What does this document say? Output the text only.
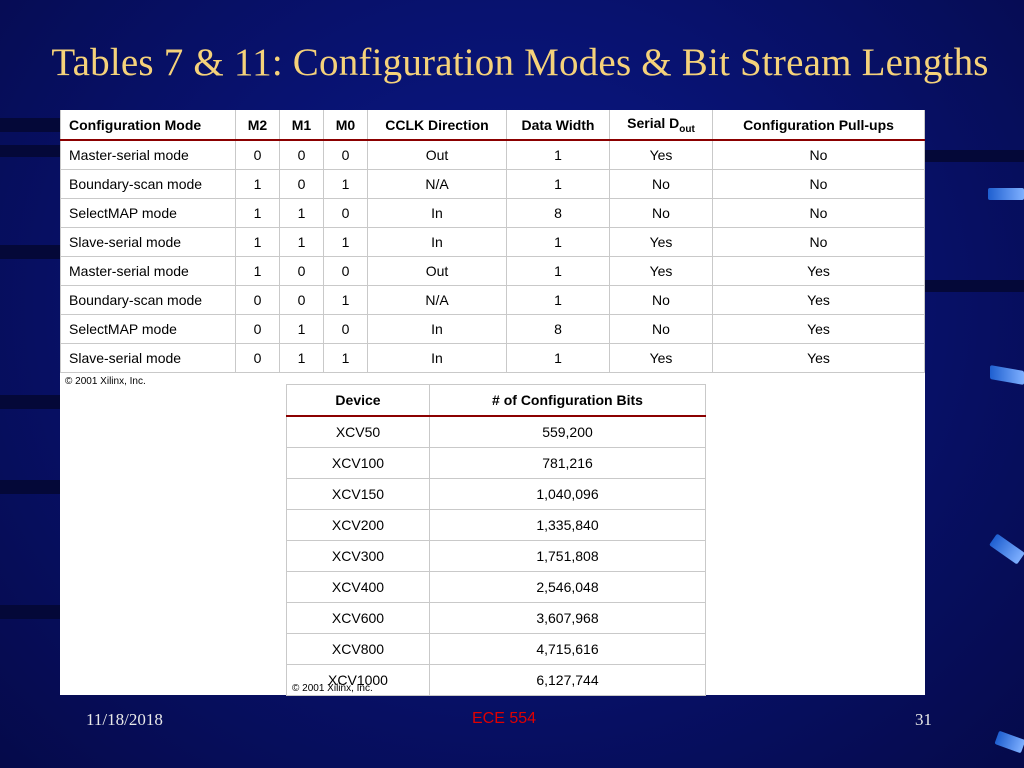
Tables 7 & 11: Configuration Modes & Bit Stream Lengths
Configuration Mode	M2	M1	M0	CCLK Direction	Data Width	Serial $D_{out}$	Configuration Pull-ups
Master-serial mode	0	0	0	Out	1	Yes	No
Boundary-scan mode	1	0	1	N/A	1	No	No
SelectMAP mode	1	1	0	In	8	No	No
Slave-serial mode	1	1	1	In	1	Yes	No
Master-serial mode	1	0	0	Out	1	Yes	Yes
Boundary-scan mode	0	0	1	N/A	1	No	Yes
SelectMAP mode	0	1	0	In	8	No	Yes
Slave-serial mode	0	1	1	In	1	Yes	Yes
© 2001 Xilinx, Inc.
Device	# of Configuration Bits
XCV50	559,200
XCV100	781,216
XCV150	1,040,096
XCV200	1,335,840
XCV300	1,751,808
XCV400	2,546,048
XCV600	3,607,968
XCV800	4,715,616
XCV1000	6,127,744
© 2001 Xilinx, Inc.
11/18/2018	ECE 554	31
